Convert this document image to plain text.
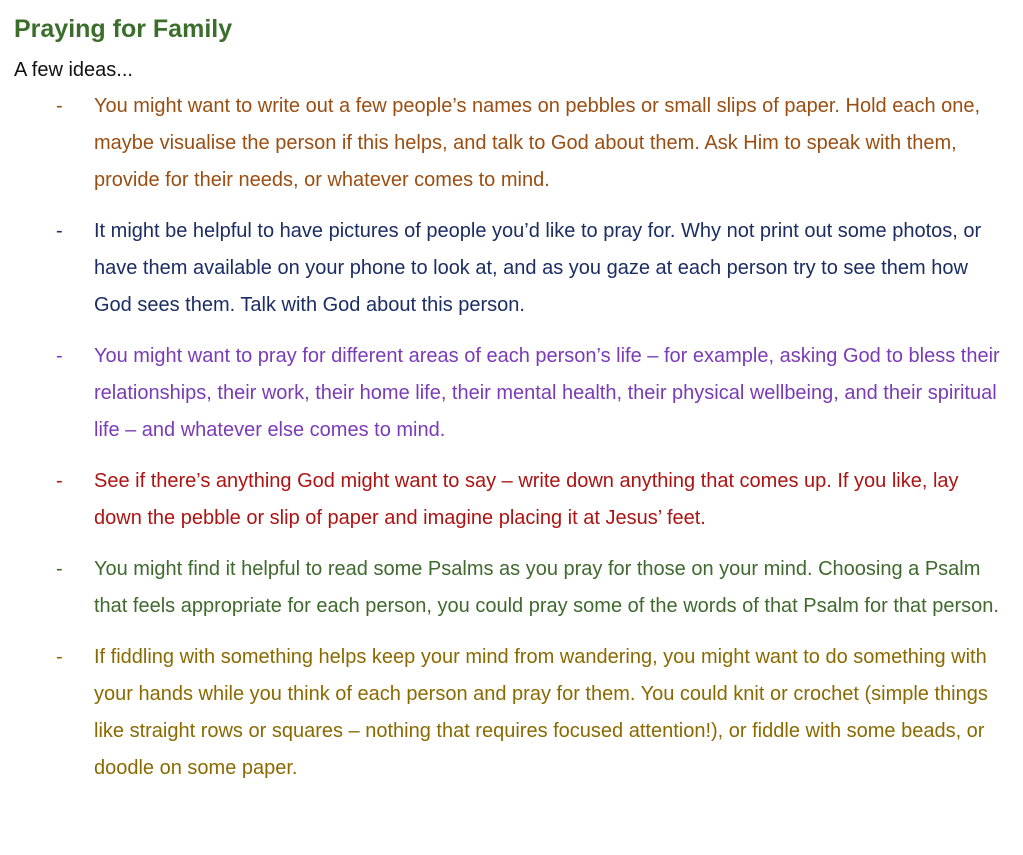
Praying for Family

A few ideas...

- You might want to write out a few people’s names on pebbles or small slips of paper. Hold each one, maybe visualise the person if this helps, and talk to God about them. Ask Him to speak with them, provide for their needs, or whatever comes to mind.
- It might be helpful to have pictures of people you’d like to pray for. Why not print out some photos, or have them available on your phone to look at, and as you gaze at each person try to see them how God sees them. Talk with God about this person.
- You might want to pray for different areas of each person’s life – for example, asking God to bless their relationships, their work, their home life, their mental health, their physical wellbeing, and their spiritual life – and whatever else comes to mind.
- See if there’s anything God might want to say – write down anything that comes up. If you like, lay down the pebble or slip of paper and imagine placing it at Jesus’ feet.
- You might find it helpful to read some Psalms as you pray for those on your mind. Choosing a Psalm that feels appropriate for each person, you could pray some of the words of that Psalm for that person.
- If fiddling with something helps keep your mind from wandering, you might want to do something with your hands while you think of each person and pray for them. You could knit or crochet (simple things like straight rows or squares – nothing that requires focused attention!), or fiddle with some beads, or doodle on some paper.
